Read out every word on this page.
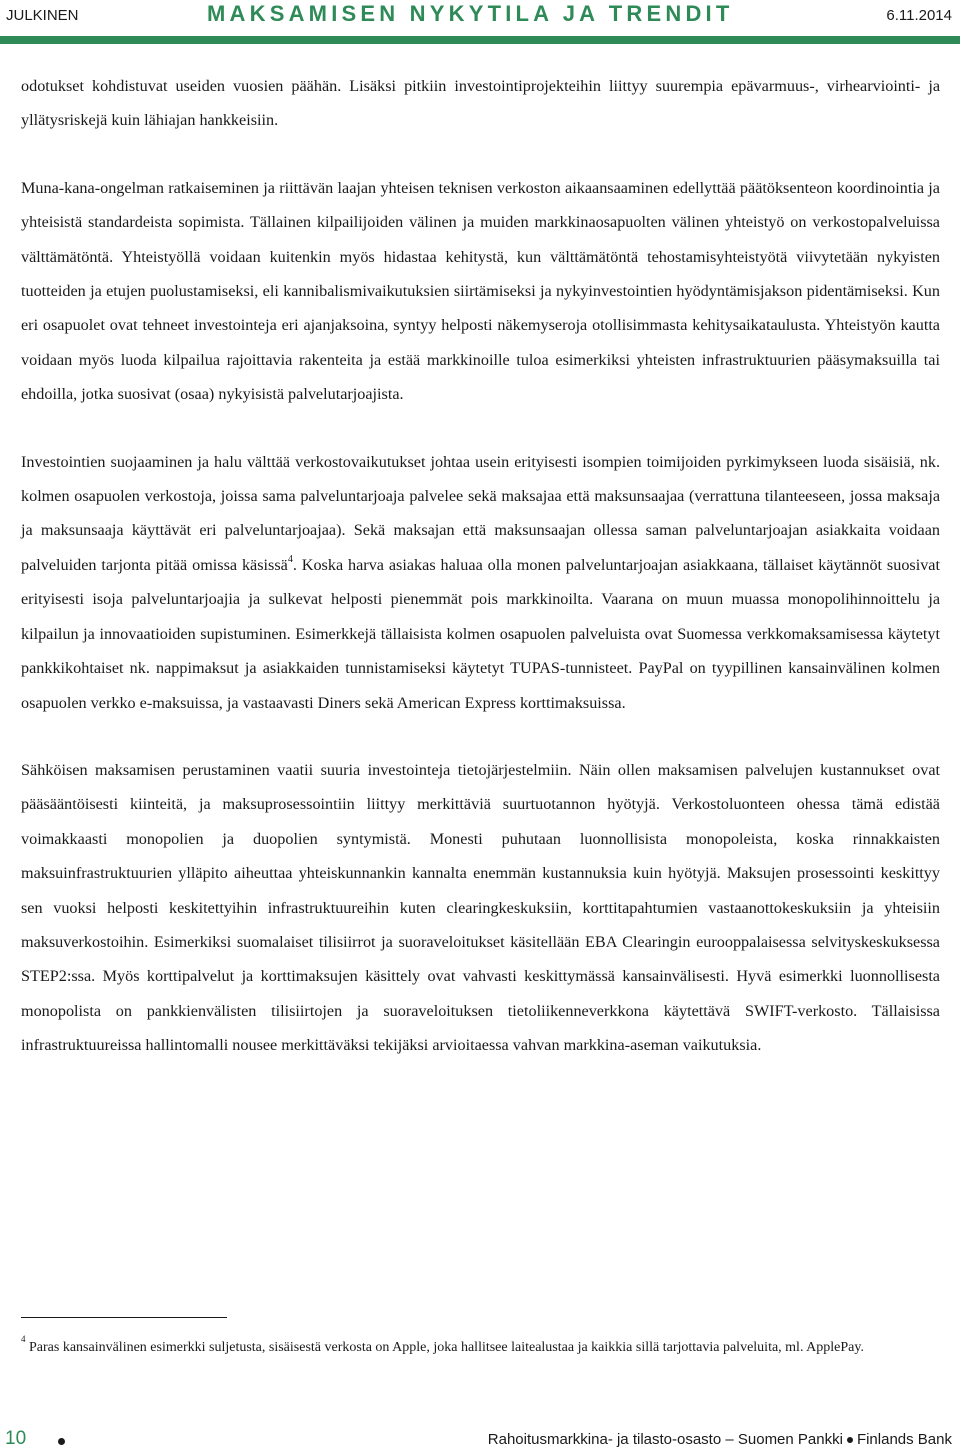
JULKINEN	MAKSAMISEN NYKYTILA JA TRENDIT	6.11.2014

odotukset kohdistuvat useiden vuosien päähän. Lisäksi pitkiin investointiprojekteihin liittyy suurempia epävarmuus-, virhearviointi- ja yllätysriskejä kuin lähiajan hankkeisiin.

Muna-kana-ongelman ratkaiseminen ja riittävän laajan yhteisen teknisen verkoston aikaansaaminen edellyttää päätöksenteon koordinointia ja yhteisistä standardeista sopimista. Tällainen kilpailijoiden välinen ja muiden markkinaosapuolten välinen yhteistyö on verkostopalveluissa välttämätöntä. Yhteistyöllä voidaan kuitenkin myös hidastaa kehitystä, kun välttämätöntä tehostamisyhteistyötä viivytetään nykyisten tuotteiden ja etujen puolustamiseksi, eli kannibalismivaikutuksien siirtämiseksi ja nykyinvestointien hyödyntämisjakson pidentämiseksi. Kun eri osapuolet ovat tehneet investointeja eri ajanjaksoina, syntyy helposti näkemyseroja otollisimmasta kehitysaikataulusta. Yhteistyön kautta voidaan myös luoda kilpailua rajoittavia rakenteita ja estää markkinoille tuloa esimerkiksi yhteisten infrastruktuurien pääsymaksuilla tai ehdoilla, jotka suosivat (osaa) nykyisistä palvelutarjoajista.

Investointien suojaaminen ja halu välttää verkostovaikutukset johtaa usein erityisesti isompien toimijoiden pyrkimykseen luoda sisäisiä, nk. kolmen osapuolen verkostoja, joissa sama palveluntarjoaja palvelee sekä maksajaa että maksunsaajaa (verrattuna tilanteeseen, jossa maksaja ja maksunsaaja käyttävät eri palveluntarjoajaa). Sekä maksajan että maksunsaajan ollessa saman palveluntarjoajan asiakkaita voidaan palveluiden tarjonta pitää omissa käsissä$^4$. Koska harva asiakas haluaa olla monen palveluntarjoajan asiakkaana, tällaiset käytännöt suosivat erityisesti isoja palveluntarjoajia ja sulkevat helposti pienemmät pois markkinoilta. Vaarana on muun muassa monopolihinnoittelu ja kilpailun ja innovaatioiden supistuminen. Esimerkkejä tällaisista kolmen osapuolen palveluista ovat Suomessa verkkomaksamisessa käytetyt pankkikohtaiset nk. nappimaksut ja asiakkaiden tunnistamiseksi käytetyt TUPAS-tunnisteet. PayPal on tyypillinen kansainvälinen kolmen osapuolen verkko e-maksuissa, ja vastaavasti Diners sekä American Express korttimaksuissa.

Sähköisen maksamisen perustaminen vaatii suuria investointeja tietojärjestelmiin. Näin ollen maksamisen palvelujen kustannukset ovat pääsääntöisesti kiinteitä, ja maksuprosessointiin liittyy merkittäviä suurtuotannon hyötyjä. Verkostoluonteen ohessa tämä edistää voimakkaasti monopolien ja duopolien syntymistä. Monesti puhutaan luonnollisista monopoleista, koska rinnakkaisten maksuinfrastruktuurien ylläpito aiheuttaa yhteiskunnankin kannalta enemmän kustannuksia kuin hyötyjä. Maksujen prosessointi keskittyy sen vuoksi helposti keskitettyihin infrastruktuureihin kuten clearingkeskuksiin, korttitapahtumien vastaanottokeskuksiin ja yhteisiin maksuverkostoihin. Esimerkiksi suomalaiset tilisiirrot ja suoraveloitukset käsitellään EBA Clearingin eurooppalaisessa selvityskeskuksessa STEP2:ssa. Myös korttipalvelut ja korttimaksujen käsittely ovat vahvasti keskittymässä kansainvälisesti. Hyvä esimerkki luonnollisesta monopolista on pankkienvälisten tilisiirtojen ja suoraveloituksen tietoliikenneverkkona käytettävä SWIFT-verkosto. Tällaisissa infrastruktuureissa hallintomalli nousee merkittäväksi tekijäksi arvioitaessa vahvan markkina-aseman vaikutuksia.

$^4$ Paras kansainvälinen esimerkki suljetusta, sisäisestä verkosta on Apple, joka hallitsee laitealustaa ja kaikkia sillä tarjottavia palveluita, ml. ApplePay.

10	Rahoitusmarkkina- ja tilasto-osasto – Suomen Pankki Finlands Bank
